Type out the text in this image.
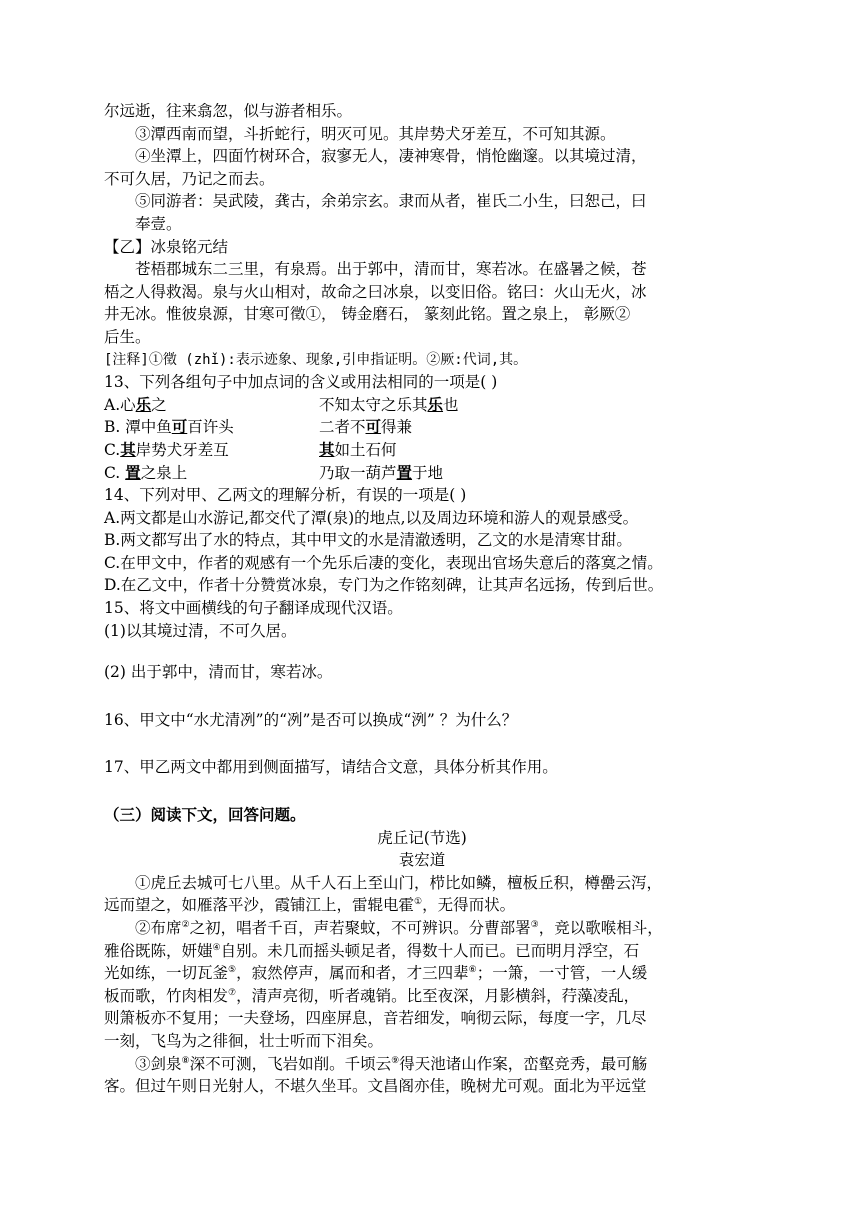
尔远逝，往来翕忽，似与游者相乐。
③潭西南而望，斗折蛇行，明灭可见。其岸势犬牙差互，不可知其源。
④坐潭上，四面竹树环合，寂寥无人，凄神寒骨，悄怆幽邃。以其境过清，
不可久居，乃记之而去。
⑤同游者：吴武陵，龚古，余弟宗玄。隶而从者，崔氏二小生，曰恕己，曰
奉壹。
【乙】冰泉铭元结
苍梧郡城东二三里，有泉焉。出于郭中，清而甘，寒若冰。在盛暑之候，苍
梧之人得救渴。泉与火山相对，故命之曰冰泉，以变旧俗。铭曰：火山无火，冰
井无冰。惟彼泉源，甘寒可徵①， 铸金磨石， 篆刻此铭。置之泉上， 彰厥②
后生。
[注释]①徵 (zhǐ):表示迹象、现象,引申指证明。②厥:代词,其。
13、下列各组句子中加点词的含义或用法相同的一项是( )
A.心乐之	不知太守之乐其乐也
B. 潭中鱼可百许头	二者不可得兼
C.其岸势犬牙差互	其如土石何
C. 置之泉上	乃取一葫芦置于地
14、下列对甲、乙两文的理解分析，有误的一项是( )
A.两文都是山水游记,都交代了潭(泉)的地点,以及周边环境和游人的观景感受。
B.两文都写出了水的特点，其中甲文的水是清澈透明，乙文的水是清寒甘甜。
C.在甲文中，作者的观感有一个先乐后凄的变化，表现出官场失意后的落寞之情。
D.在乙文中，作者十分赞赏冰泉，专门为之作铭刻碑，让其声名远扬，传到后世。
15、将文中画横线的句子翻译成现代汉语。
(1)以其境过清，不可久居。
(2) 出于郭中，清而甘，寒若冰。
16、甲文中“水尤清冽”的“冽”是否可以换成“洌” ？为什么？
17、甲乙两文中都用到侧面描写，请结合文意，具体分析其作用。
（三）阅读下文，回答问题。
虎丘记(节选)
袁宏道
①虎丘去城可七八里。从千人石上至山门，栉比如鳞，檀板丘积，樽罍云泻，
远而望之，如雁落平沙，霞铺江上，雷辊电霍①，无得而状。
②布席②之初，唱者千百，声若聚蚊，不可辨识。分曹部署③，竞以歌喉相斗，
雅俗既陈，妍媸④自别。未几而摇头顿足者，得数十人而已。已而明月浮空，石
光如练，一切瓦釜⑤，寂然停声，属而和者，才三四辈⑥；一箫，一寸管，一人缓
板而歌，竹肉相发⑦，清声亮彻，听者魂销。比至夜深，月影横斜，荇藻凌乱，
则箫板亦不复用；一夫登场，四座屏息，音若细发，响彻云际，每度一字，几尽
一刻，飞鸟为之徘徊，壮士听而下泪矣。
③剑泉⑧深不可测，飞岩如削。千顷云⑨得天池诸山作案，峦壑竞秀，最可觞
客。但过午则日光射人，不堪久坐耳。文昌阁亦佳，晚树尤可观。面北为平远堂
